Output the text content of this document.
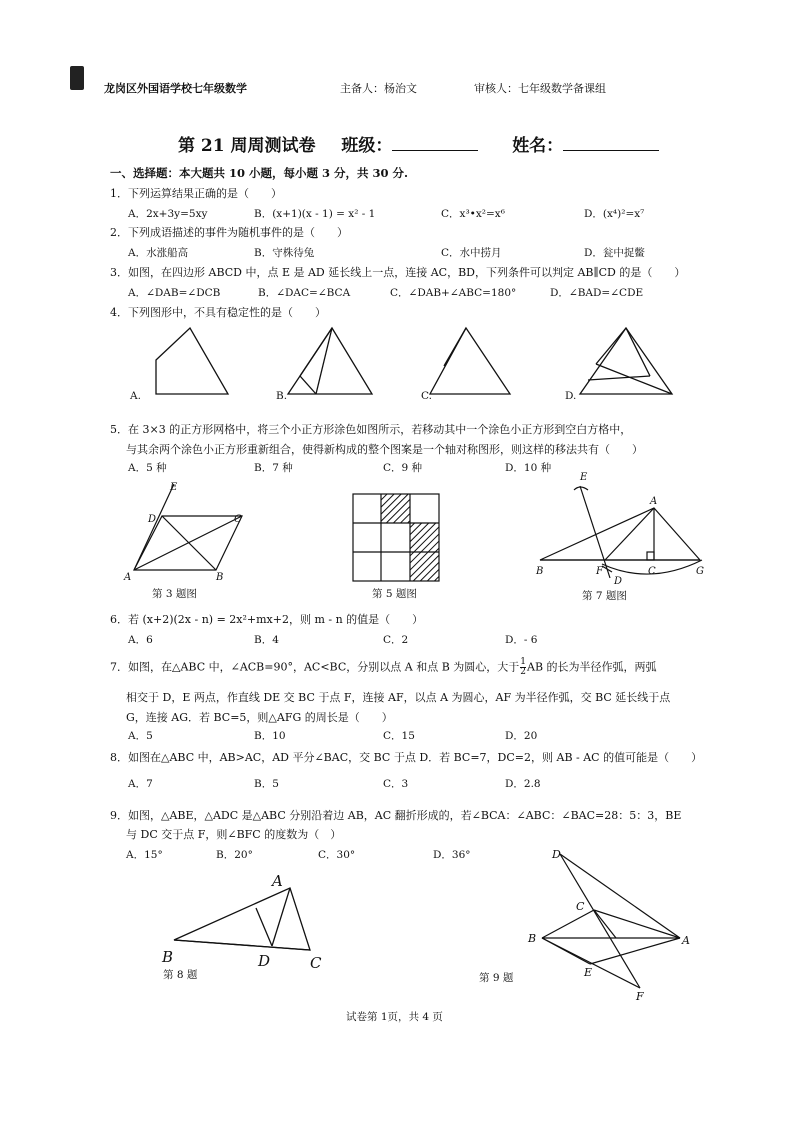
龙岗区外国语学校七年级数学	主备人：杨治文	审核人：七年级数学备课组
第 21 周周测试卷 班级：	姓名：
一、选择题：本大题共 10 小题，每小题 3 分，共 30 分.
1．下列运算结果正确的是（　　）
A．2x+3y=5xy	B．(x+1)(x - 1) = x² - 1	C．x³•x²=x⁶	D．(x⁴)²=x⁷
2．下列成语描述的事件为随机事件的是（　　）
A．水涨船高	B．守株待兔	C．水中捞月	D．瓮中捉鳖
3．如图，在四边形 ABCD 中，点 E 是 AD 延长线上一点，连接 AC，BD，下列条件可以判定 AB∥CD 的是（　　）
A．∠DAB=∠DCB	B．∠DAC=∠BCA	C．∠DAB+∠ABC=180°	D．∠BAD=∠CDE
4．下列图形中，不具有稳定性的是（　　）
A.	B.	C.	D.
5．在 3×3 的正方形网格中，将三个小正方形涂色如图所示，若移动其中一个涂色小正方形到空白方格中，
与其余两个涂色小正方形重新组合，使得新构成的整个图案是一个轴对称图形，则这样的移法共有（　　）
A．5 种	B．7 种	C．9 种	D．10 种
E
D	C
A	B
第 3 题图	第 5 题图
E
A
B	F
D
C	G
第 7 题图
6．若 (x+2)(2x - n) = 2x²+mx+2，则 m - n 的值是（　　）
A．6	B．4	C．2	D．- 6
7．如图，在△ABC 中，∠ACB=90°，AC<BC，分别以点 A 和点 B 为圆心，大于 $\frac{1}{2}$ AB 的长为半径作弧，两弧
相交于 D，E 两点，作直线 DE 交 BC 于点 F，连接 AF，以点 A 为圆心，AF 为半径作弧，交 BC 延长线于点
G，连接 AG．若 BC=5，则△AFG 的周长是（　　）
A．5	B．10	C．15	D．20
8．如图在△ABC 中，AB>AC，AD 平分∠BAC，交 BC 于点 D．若 BC=7，DC=2，则 AB - AC 的值可能是（　　）
A．7	B．5	C．3	D．2.8
9．如图，△ABE，△ADC 是△ABC 分别沿着边 AB，AC 翻折形成的，若∠BCA：∠ABC：∠BAC=28：5：3，BE
与 DC 交于点 F，则∠BFC 的度数为（　）
A．15°	B．20°	C．30°	D．36°
A
B	D	C
第 8 题
D
C
B	A
E
F
第 9 题
试卷第 1页，共 4 页
